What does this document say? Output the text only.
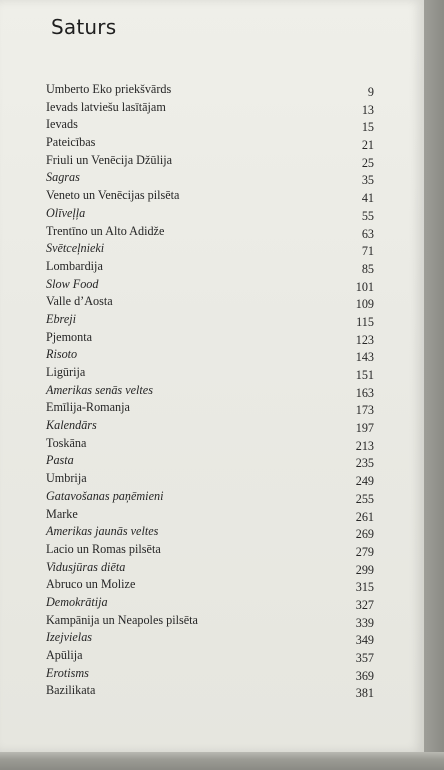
Saturs
Umberto Eko priekšvārds	9
Ievads latviešu lasītājam	13
Ievads	15
Pateicības	21
Friuli un Venēcija Džūlija	25
Sagras	35
Veneto un Venēcijas pilsēta	41
Olīveļļa	55
Trentīno un Alto Adidže	63
Svētceļnieki	71
Lombardija	85
Slow Food	101
Valle d’Aosta	109
Ebreji	115
Pjemonta	123
Risoto	143
Ligūrija	151
Amerikas senās veltes	163
Emīlija-Romanja	173
Kalendārs	197
Toskāna	213
Pasta	235
Umbrija	249
Gatavošanas paņēmieni	255
Marke	261
Amerikas jaunās veltes	269
Lacio un Romas pilsēta	279
Vidusjūras diēta	299
Abruco un Molize	315
Demokrātija	327
Kampānija un Neapoles pilsēta	339
Izejvielas	349
Apūlija	357
Erotisms	369
Bazilikata	381
